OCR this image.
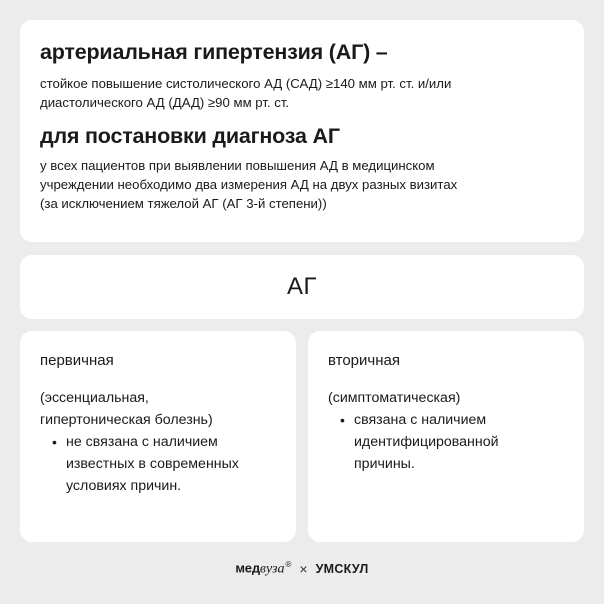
артериальная гипертензия (АГ) –
стойкое повышение систолического АД (САД) ≥140 мм рт. ст. и/или
диастолического АД (ДАД) ≥90 мм рт. ст.
для постановки диагноза АГ
у всех пациентов при выявлении повышения АД в медицинском
учреждении необходимо два измерения АД на двух разных визитах
(за исключением тяжелой АГ (АГ 3-й степени))
АГ
первичная
(эссенциальная,
гипертоническая болезнь)
• не связана с наличием
известных в современных
условиях причин.
вторичная
(симптоматическая)
• связана с наличием
идентифицированной
причины.
медвуза® × УМСКУЛ
